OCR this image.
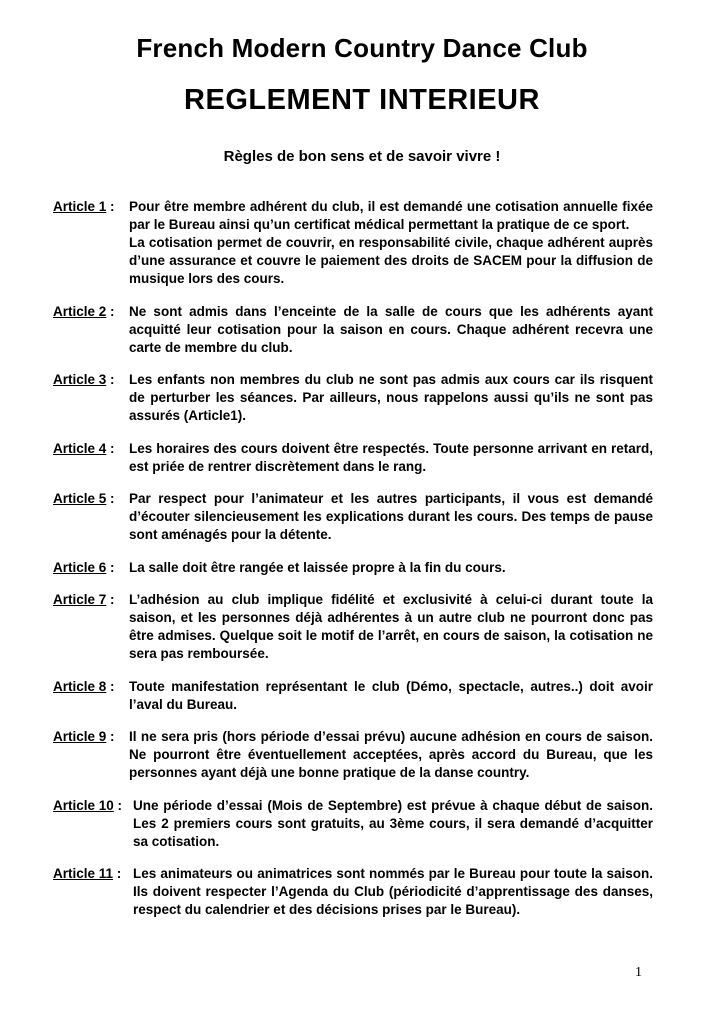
French Modern Country Dance Club
REGLEMENT INTERIEUR
Règles de bon sens et de savoir vivre !
Article 1 : Pour être membre adhérent du club, il est demandé une cotisation annuelle fixée par le Bureau ainsi qu’un certificat médical permettant la pratique de ce sport.

La cotisation permet de couvrir, en responsabilité civile, chaque adhérent auprès d’une assurance et couvre le paiement des droits de SACEM pour la diffusion de musique lors des cours.

Article 2 : Ne sont admis dans l’enceinte de la salle de cours que les adhérents ayant acquitté leur cotisation pour la saison en cours. Chaque adhérent recevra une carte de membre du club.

Article 3 : Les enfants non membres du club ne sont pas admis aux cours car ils risquent de perturber les séances. Par ailleurs, nous rappelons aussi qu’ils ne sont pas assurés (Article1).

Article 4 : Les horaires des cours doivent être respectés. Toute personne arrivant en retard, est priée de rentrer discrètement dans le rang.

Article 5 : Par respect pour l’animateur et les autres participants, il vous est demandé d’écouter silencieusement les explications durant les cours. Des temps de pause sont aménagés pour la détente.

Article 6 : La salle doit être rangée et laissée propre à la fin du cours.

Article 7 : L’adhésion au club implique fidélité et exclusivité à celui-ci durant toute la saison, et les personnes déjà adhérentes à un autre club ne pourront donc pas être admises. Quelque soit le motif de l’arrêt, en cours de saison, la cotisation ne sera pas remboursée.

Article 8 : Toute manifestation représentant le club (Démo, spectacle, autres..) doit avoir l’aval du Bureau.

Article 9 : Il ne sera pris (hors période d’essai prévu) aucune adhésion en cours de saison. Ne pourront être éventuellement acceptées, après accord du Bureau, que les personnes ayant déjà une bonne pratique de la danse country.

Article 10 : Une période d’essai (Mois de Septembre) est prévue à chaque début de saison. Les 2 premiers cours sont gratuits, au 3ème cours, il sera demandé d’acquitter sa cotisation.

Article 11 : Les animateurs ou animatrices sont nommés par le Bureau pour toute la saison. Ils doivent respecter l’Agenda du Club (périodicité d’apprentissage des danses, respect du calendrier et des décisions prises par le Bureau).

1
